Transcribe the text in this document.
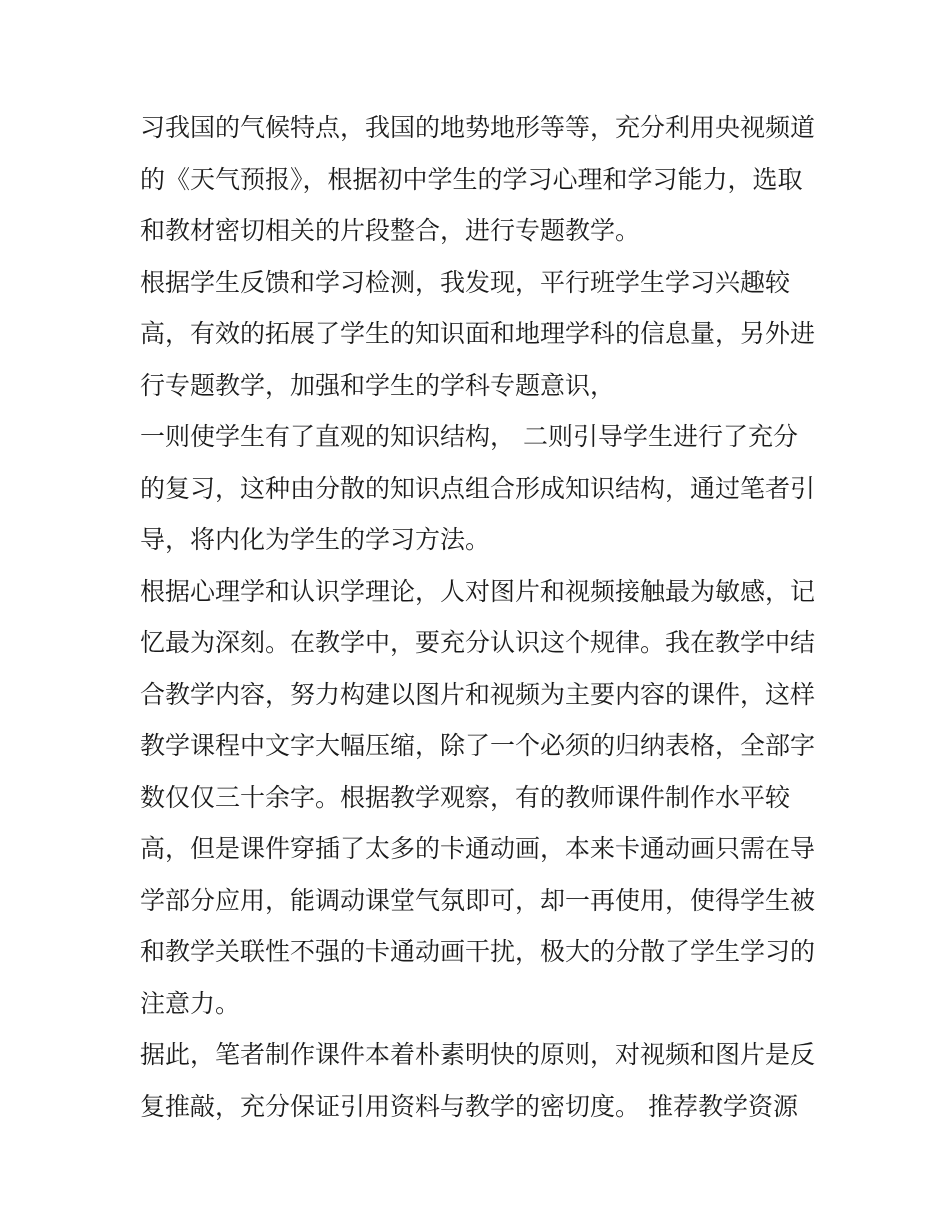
习我国的气候特点，我国的地势地形等等，充分利用央视频道
的《天气预报》，根据初中学生的学习心理和学习能力，选取
和教材密切相关的片段整合，进行专题教学。
根据学生反馈和学习检测，我发现，平行班学生学习兴趣较
高，有效的拓展了学生的知识面和地理学科的信息量，另外进
行专题教学，加强和学生的学科专题意识，
一则使学生有了直观的知识结构， 二则引导学生进行了充分
的复习，这种由分散的知识点组合形成知识结构，通过笔者引
导，将内化为学生的学习方法。
根据心理学和认识学理论，人对图片和视频接触最为敏感，记
忆最为深刻。在教学中，要充分认识这个规律。我在教学中结
合教学内容，努力构建以图片和视频为主要内容的课件，这样
教学课程中文字大幅压缩，除了一个必须的归纳表格，全部字
数仅仅三十余字。根据教学观察，有的教师课件制作水平较
高，但是课件穿插了太多的卡通动画，本来卡通动画只需在导
学部分应用，能调动课堂气氛即可，却一再使用，使得学生被
和教学关联性不强的卡通动画干扰，极大的分散了学生学习的
注意力。
据此，笔者制作课件本着朴素明快的原则，对视频和图片是反
复推敲，充分保证引用资料与教学的密切度。 推荐教学资源
